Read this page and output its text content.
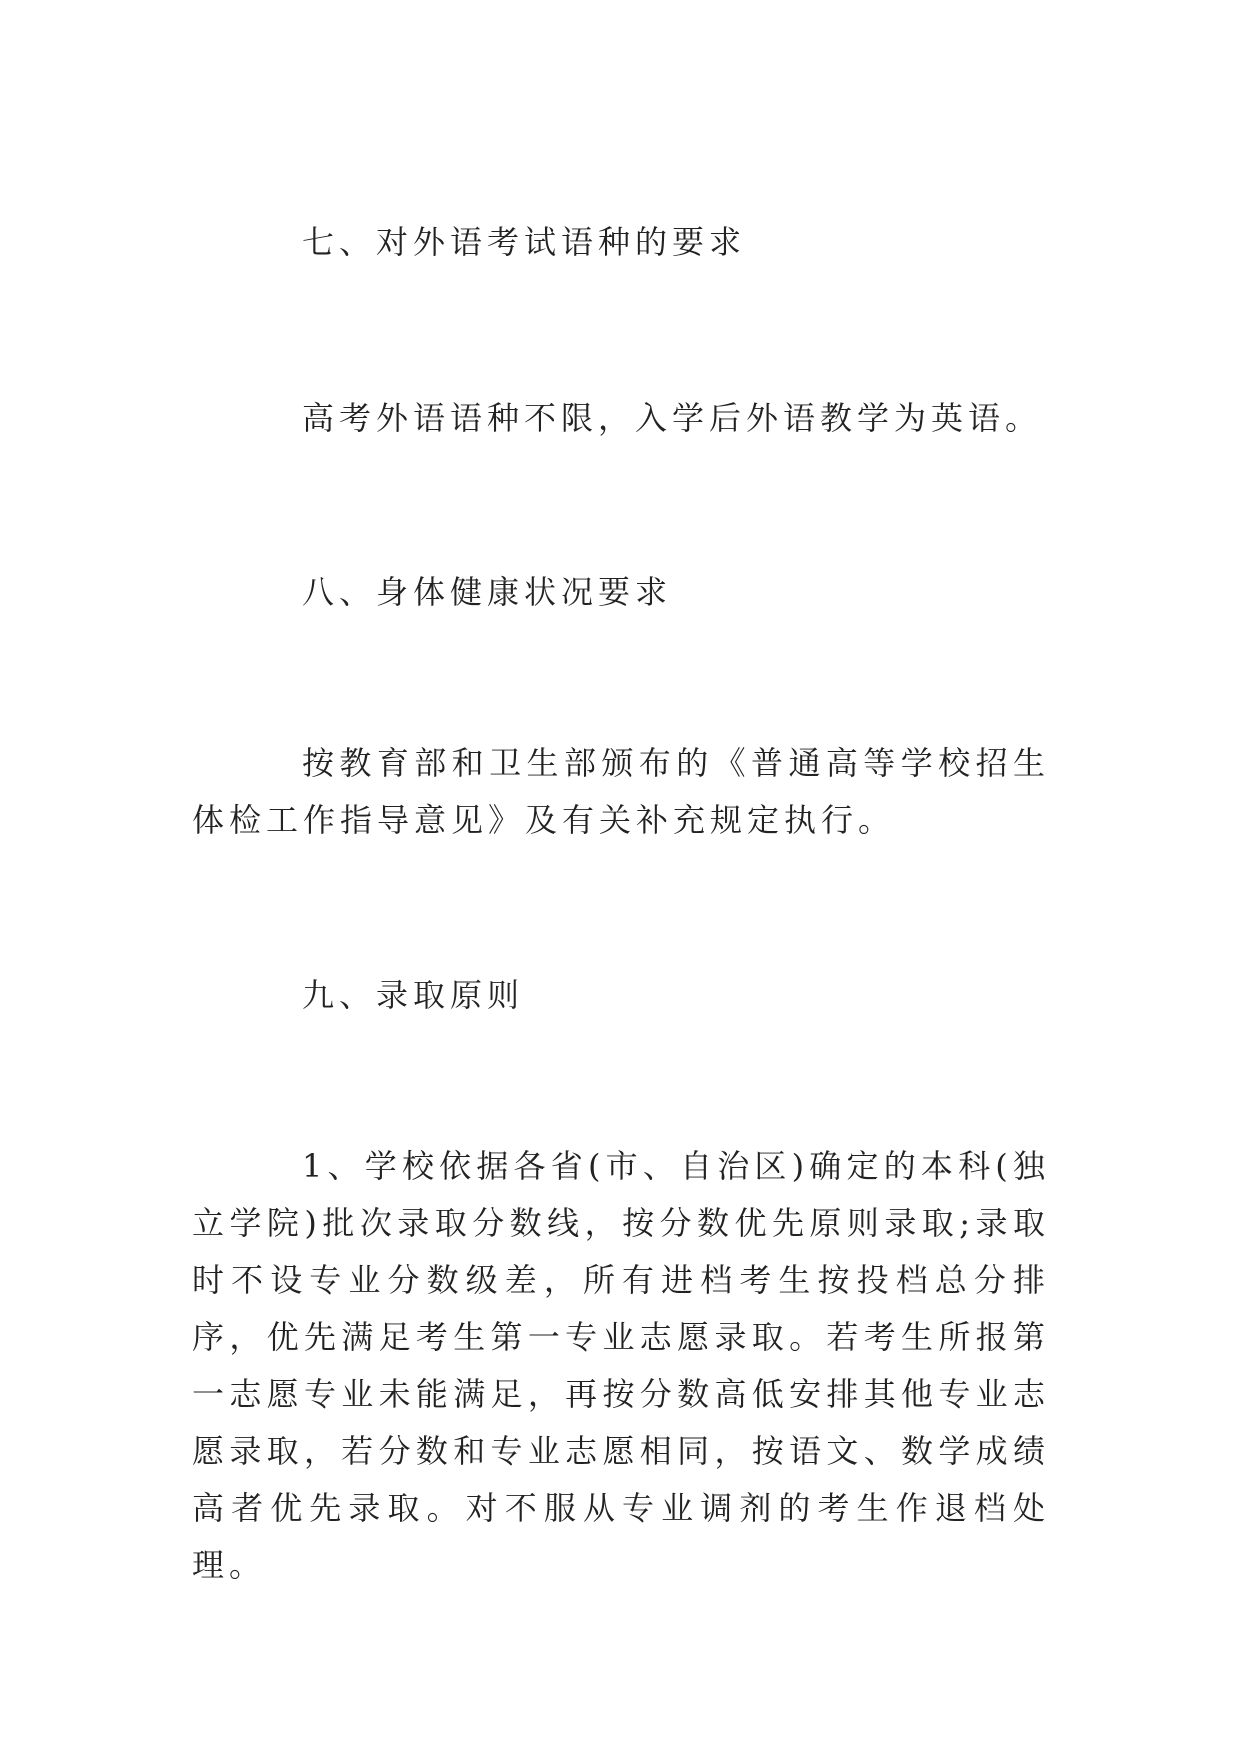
七、对外语考试语种的要求
高考外语语种不限，入学后外语教学为英语。
八、身体健康状况要求
按教育部和卫生部颁布的《普通高等学校招生体检工作指导意见》及有关补充规定执行。
九、录取原则
1、学校依据各省(市、自治区)确定的本科(独立学院)批次录取分数线，按分数优先原则录取;录取时不设专业分数级差，所有进档考生按投档总分排序，优先满足考生第一专业志愿录取。若考生所报第一志愿专业未能满足，再按分数高低安排其他专业志愿录取，若分数和专业志愿相同，按语文、数学成绩高者优先录取。对不服从专业调剂的考生作退档处理。
